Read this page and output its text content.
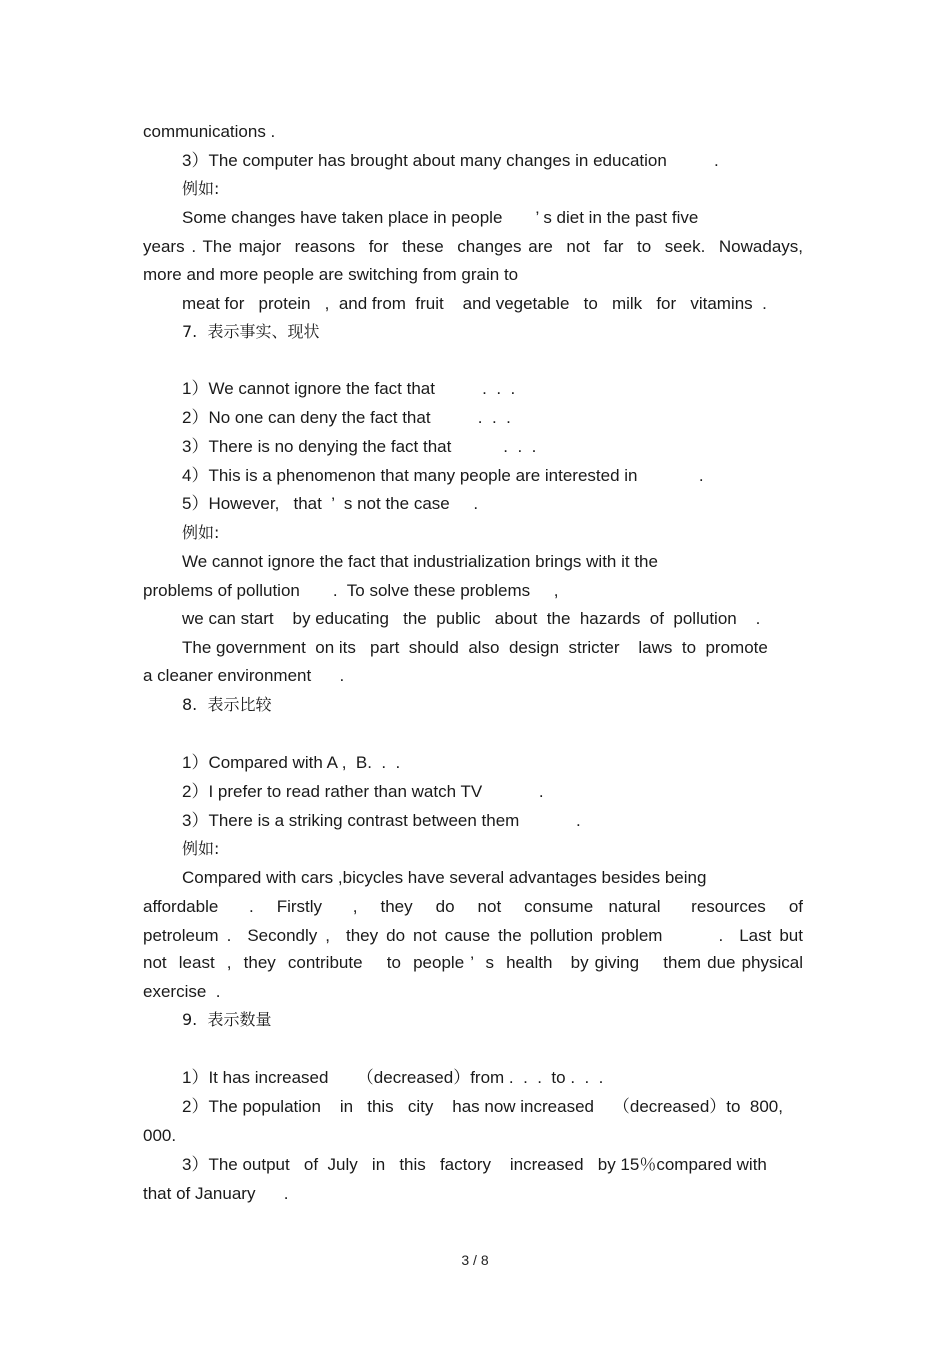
communications .
3）The computer has brought about many changes in education          .
例如:
Some changes have taken place in people       ’ s diet in the past five
years . The major  reasons  for  these  changes are  not  far  to  seek.  Nowadays,
more and more people are switching from grain to
meat for   protein   ,  and from  fruit    and vegetable   to   milk   for   vitamins  .
7.  表示事实、现状
1）We cannot ignore the fact that          .  .  .
2）No one can deny the fact that          .  .  .
3）There is no denying the fact that           .  .  .
4）This is a phenomenon that many people are interested in             .
5）However,   that  ’  s not the case     .
例如:
We cannot ignore the fact that industrialization brings with it the
problems of pollution       .  To solve these problems     ,
we can start    by educating   the  public   about  the  hazards  of  pollution    .
The government  on its   part  should  also  design  stricter    laws  to  promote
a cleaner environment      .
8.  表示比较
1）Compared with A ,  B.  .  .
2）I prefer to read rather than watch TV            .
3）There is a striking contrast between them            .
例如:
Compared with cars ,bicycles have several advantages besides being
affordable    .   Firstly    ,   they   do   not   consume  natural    resources   of
petroleum .  Secondly ,  they do not cause the pollution problem       .  Last but
not  least  ,  they  contribute    to  people ’  s  health   by giving    them due physical
exercise  .
9.  表示数量
1）It has increased      （decreased）from .  .  .  to .  .  .
2）The population    in   this   city    has now increased    （decreased）to  800,
000.
3）The output   of  July   in   this   factory    increased   by 15％compared with
that of January      .
3 / 8
